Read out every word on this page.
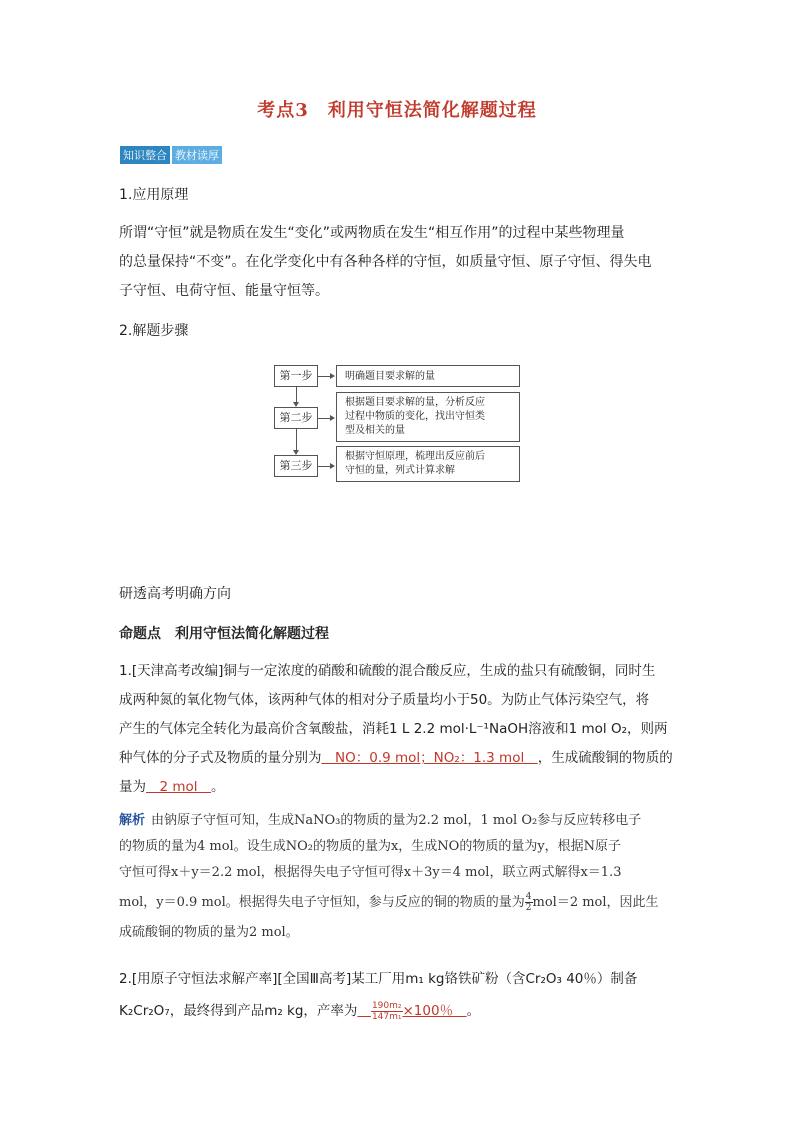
考点3　利用守恒法简化解题过程
知识整合 教材读厚
1.应用原理
所谓“守恒”就是物质在发生“变化”或两物质在发生“相互作用”的过程中某些物理量
的总量保持“不变”。在化学变化中有各种各样的守恒，如质量守恒、原子守恒、得失电
子守恒、电荷守恒、能量守恒等。
2.解题步骤
第一步	明确题目要求解的量
第二步
根据题目要求解的量，分析反应
过程中物质的变化，找出守恒类
型及相关的量
第三步
根据守恒原理，梳理出反应前后
守恒的量，列式计算求解
研透高考明确方向
命题点　利用守恒法简化解题过程
1.[天津高考改编]铜与一定浓度的硝酸和硫酸的混合酸反应，生成的盐只有硫酸铜，同时生
成两种氮的氧化物气体，该两种气体的相对分子质量均小于50。为防止气体污染空气，将
产生的气体完全转化为最高价含氧酸盐，消耗1 L 2.2 mol·L⁻¹NaOH溶液和1 mol O₂，则两
种气体的分子式及物质的量分别为　NO：0.9 mol；NO₂：1.3 mol　，生成硫酸铜的物质的
量为　2 mol　。
解析 由钠原子守恒可知，生成NaNO₃的物质的量为2.2 mol，1 mol O₂参与反应转移电子
的物质的量为4 mol。设生成NO₂的物质的量为x，生成NO的物质的量为y，根据N原子
守恒可得x＋y＝2.2 mol，根据得失电子守恒可得x＋3y＝4 mol，联立两式解得x＝1.3
mol，y＝0.9 mol。根据得失电子守恒知，参与反应的铜的物质的量为 $\frac{4}{2} mol=2$ mol，因此生
成硫酸铜的物质的量为2 mol。
2.[用原子守恒法求解产率][全国Ⅲ高考]某工厂用m₁ kg铬铁矿粉（含Cr₂O₃ 40％）制备
K₂Cr₂O₇，最终得到产品m₂ kg，产率为　 $\frac{\text{190m₂}}{\text{147m₁}} \times 100$％　 。
